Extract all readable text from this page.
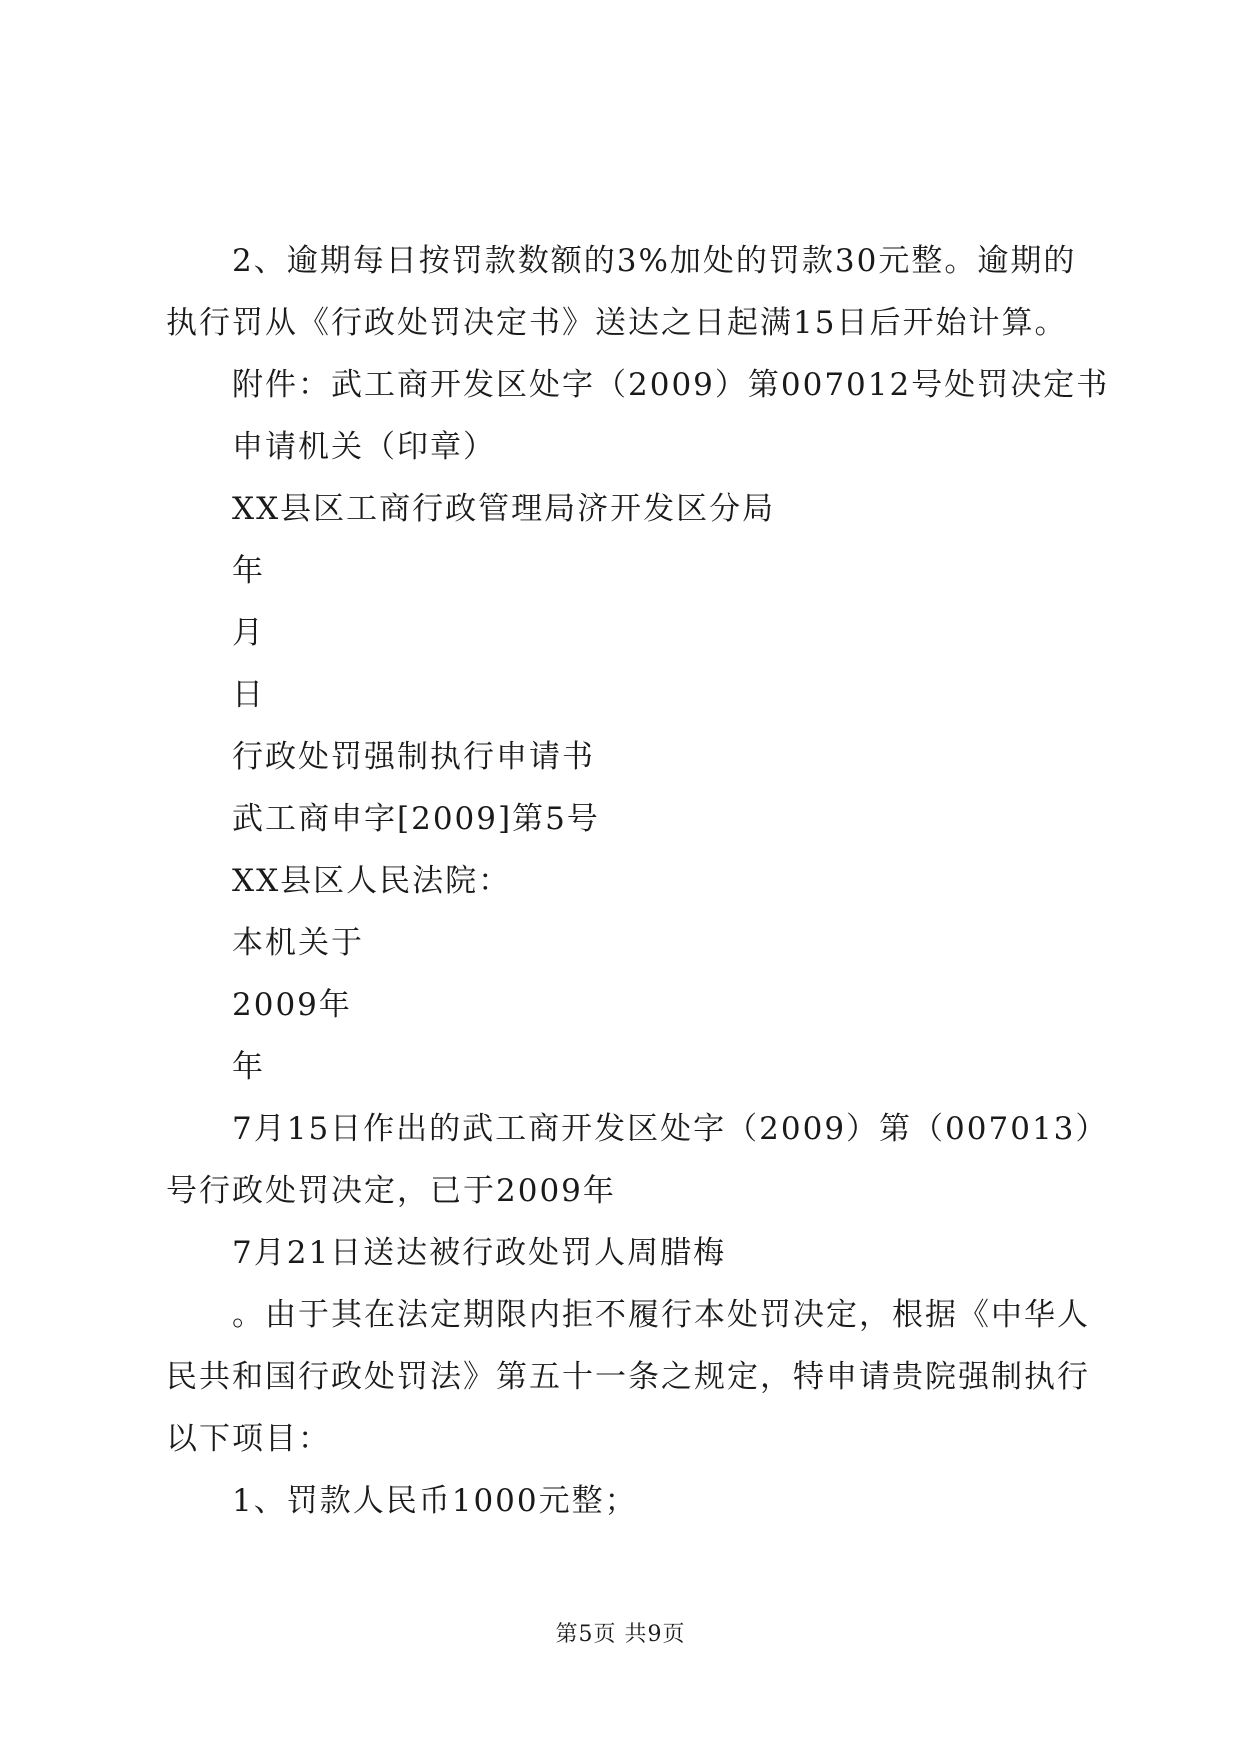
2、逾期每日按罚款数额的3%加处的罚款30元整。逾期的
执行罚从《行政处罚决定书》送达之日起满15日后开始计算。
附件：武工商开发区处字（2009）第007012号处罚决定书
申请机关（印章）
XX县区工商行政管理局济开发区分局
年
月
日
行政处罚强制执行申请书
武工商申字[2009]第5号
XX县区人民法院：
本机关于
2009年
年
7月15日作出的武工商开发区处字（2009）第（007013）
号行政处罚决定，已于2009年
7月21日送达被行政处罚人周腊梅
。由于其在法定期限内拒不履行本处罚决定，根据《中华人
民共和国行政处罚法》第五十一条之规定，特申请贵院强制执行
以下项目：
1、罚款人民币1000元整；
第5页 共9页
